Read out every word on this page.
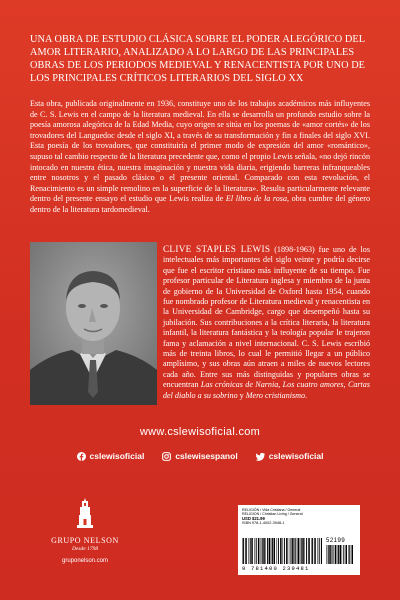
UNA OBRA DE ESTUDIO CLÁSICA SOBRE EL PODER ALEGÓRICO DEL AMOR LITERARIO, ANALIZADO A LO LARGO DE LAS PRINCIPALES OBRAS DE LOS PERIODOS MEDIEVAL Y RENACENTISTA POR UNO DE LOS PRINCIPALES CRÍTICOS LITERARIOS DEL SIGLO XX

Esta obra, publicada originalmente en 1936, constituye uno de los trabajos académicos más influyentes de C. S. Lewis en el campo de la literatura medieval. En ella se desarrolla un profundo estudio sobre la poesía amorosa alegórica de la Edad Media, cuyo origen se sitúa en los poemas de «amor cortés» de los trovadores del Languedoc desde el siglo XI, a través de su transformación y fin a finales del siglo XVI. Esta poesía de los trovadores, que constituiría el primer modo de expresión del amor «romántico», supuso tal cambio respecto de la literatura precedente que, como el propio Lewis señala, «no dejó rincón intocado en nuestra ética, nuestra imaginación y nuestra vida diaria, erigiendo barreras infranqueables entre nosotros y el pasado clásico o el presente oriental. Comparado con esta revolución, el Renacimiento es un simple remolino en la superficie de la literatura». Resulta particularmente relevante dentro del presente ensayo el estudio que Lewis realiza de El libro de la rosa, obra cumbre del género dentro de la literatura tardomedieval.

CLIVE STAPLES LEWIS (1898-1963) fue uno de los intelectuales más importantes del siglo veinte y podría decirse que fue el escritor cristiano más influyente de su tiempo. Fue profesor particular de Literatura inglesa y miembro de la junta de gobierno de la Universidad de Oxford hasta 1954, cuando fue nombrado profesor de Literatura medieval y renacentista en la Universidad de Cambridge, cargo que desempeñó hasta su jubilación. Sus contribuciones a la crítica literaria, la literatura infantil, la literatura fantástica y la teología popular le trajeron fama y aclamación a nivel internacional. C. S. Lewis escribió más de treinta libros, lo cual le permitió llegar a un público amplísimo, y sus obras aún atraen a miles de nuevos lectores cada año. Entre sus más distinguidas y populares obras se encuentran Las crónicas de Narnia, Los cuatro amores, Cartas del diablo a su sobrino y Mero cristianismo.

www.cslewisoficial.com
cslewisoficial	cslewisespanol	cslewisoficial
GRUPO NELSON
Desde 1798
gruponelson.com
RELIGIÓN / Vida Cristiana / General
RELIGION / Christian Living / General
USD $21.99
ISBN 978-1-4002-3948-1
52199
9 781400 239481
